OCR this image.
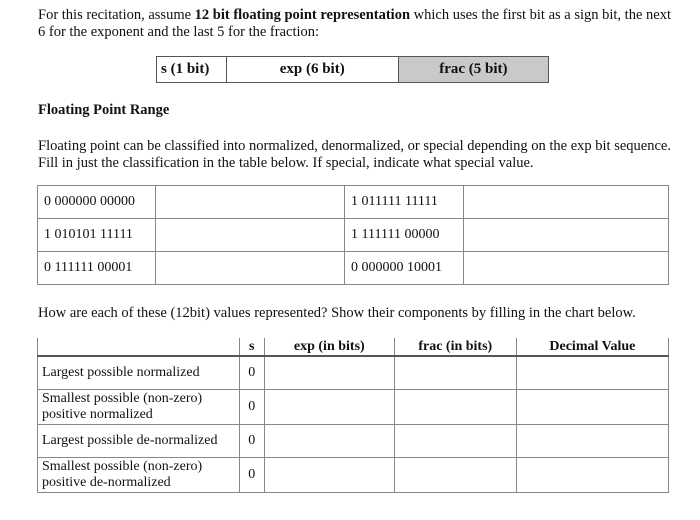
For this recitation, assume 12 bit floating point representation which uses the first bit as a sign bit, the next 6 for the exponent and the last 5 for the fraction:

s (1 bit)	exp (6 bit)	frac (5 bit)

Floating Point Range

Floating point can be classified into normalized, denormalized, or special depending on the exp bit sequence. Fill in just the classification in the table below. If special, indicate what special value.

0 000000 00000		1 011111 11111	
1 010101 11111		1 111111 00000	
0 111111 00001		0 000000 10001	

How are each of these (12bit) values represented? Show their components by filling in the chart below.

	s	exp (in bits)	frac (in bits)	Decimal Value
Largest possible normalized	0			
Smallest possible (non-zero) positive normalized	0			
Largest possible de-normalized	0			
Smallest possible (non-zero) positive de-normalized	0			
